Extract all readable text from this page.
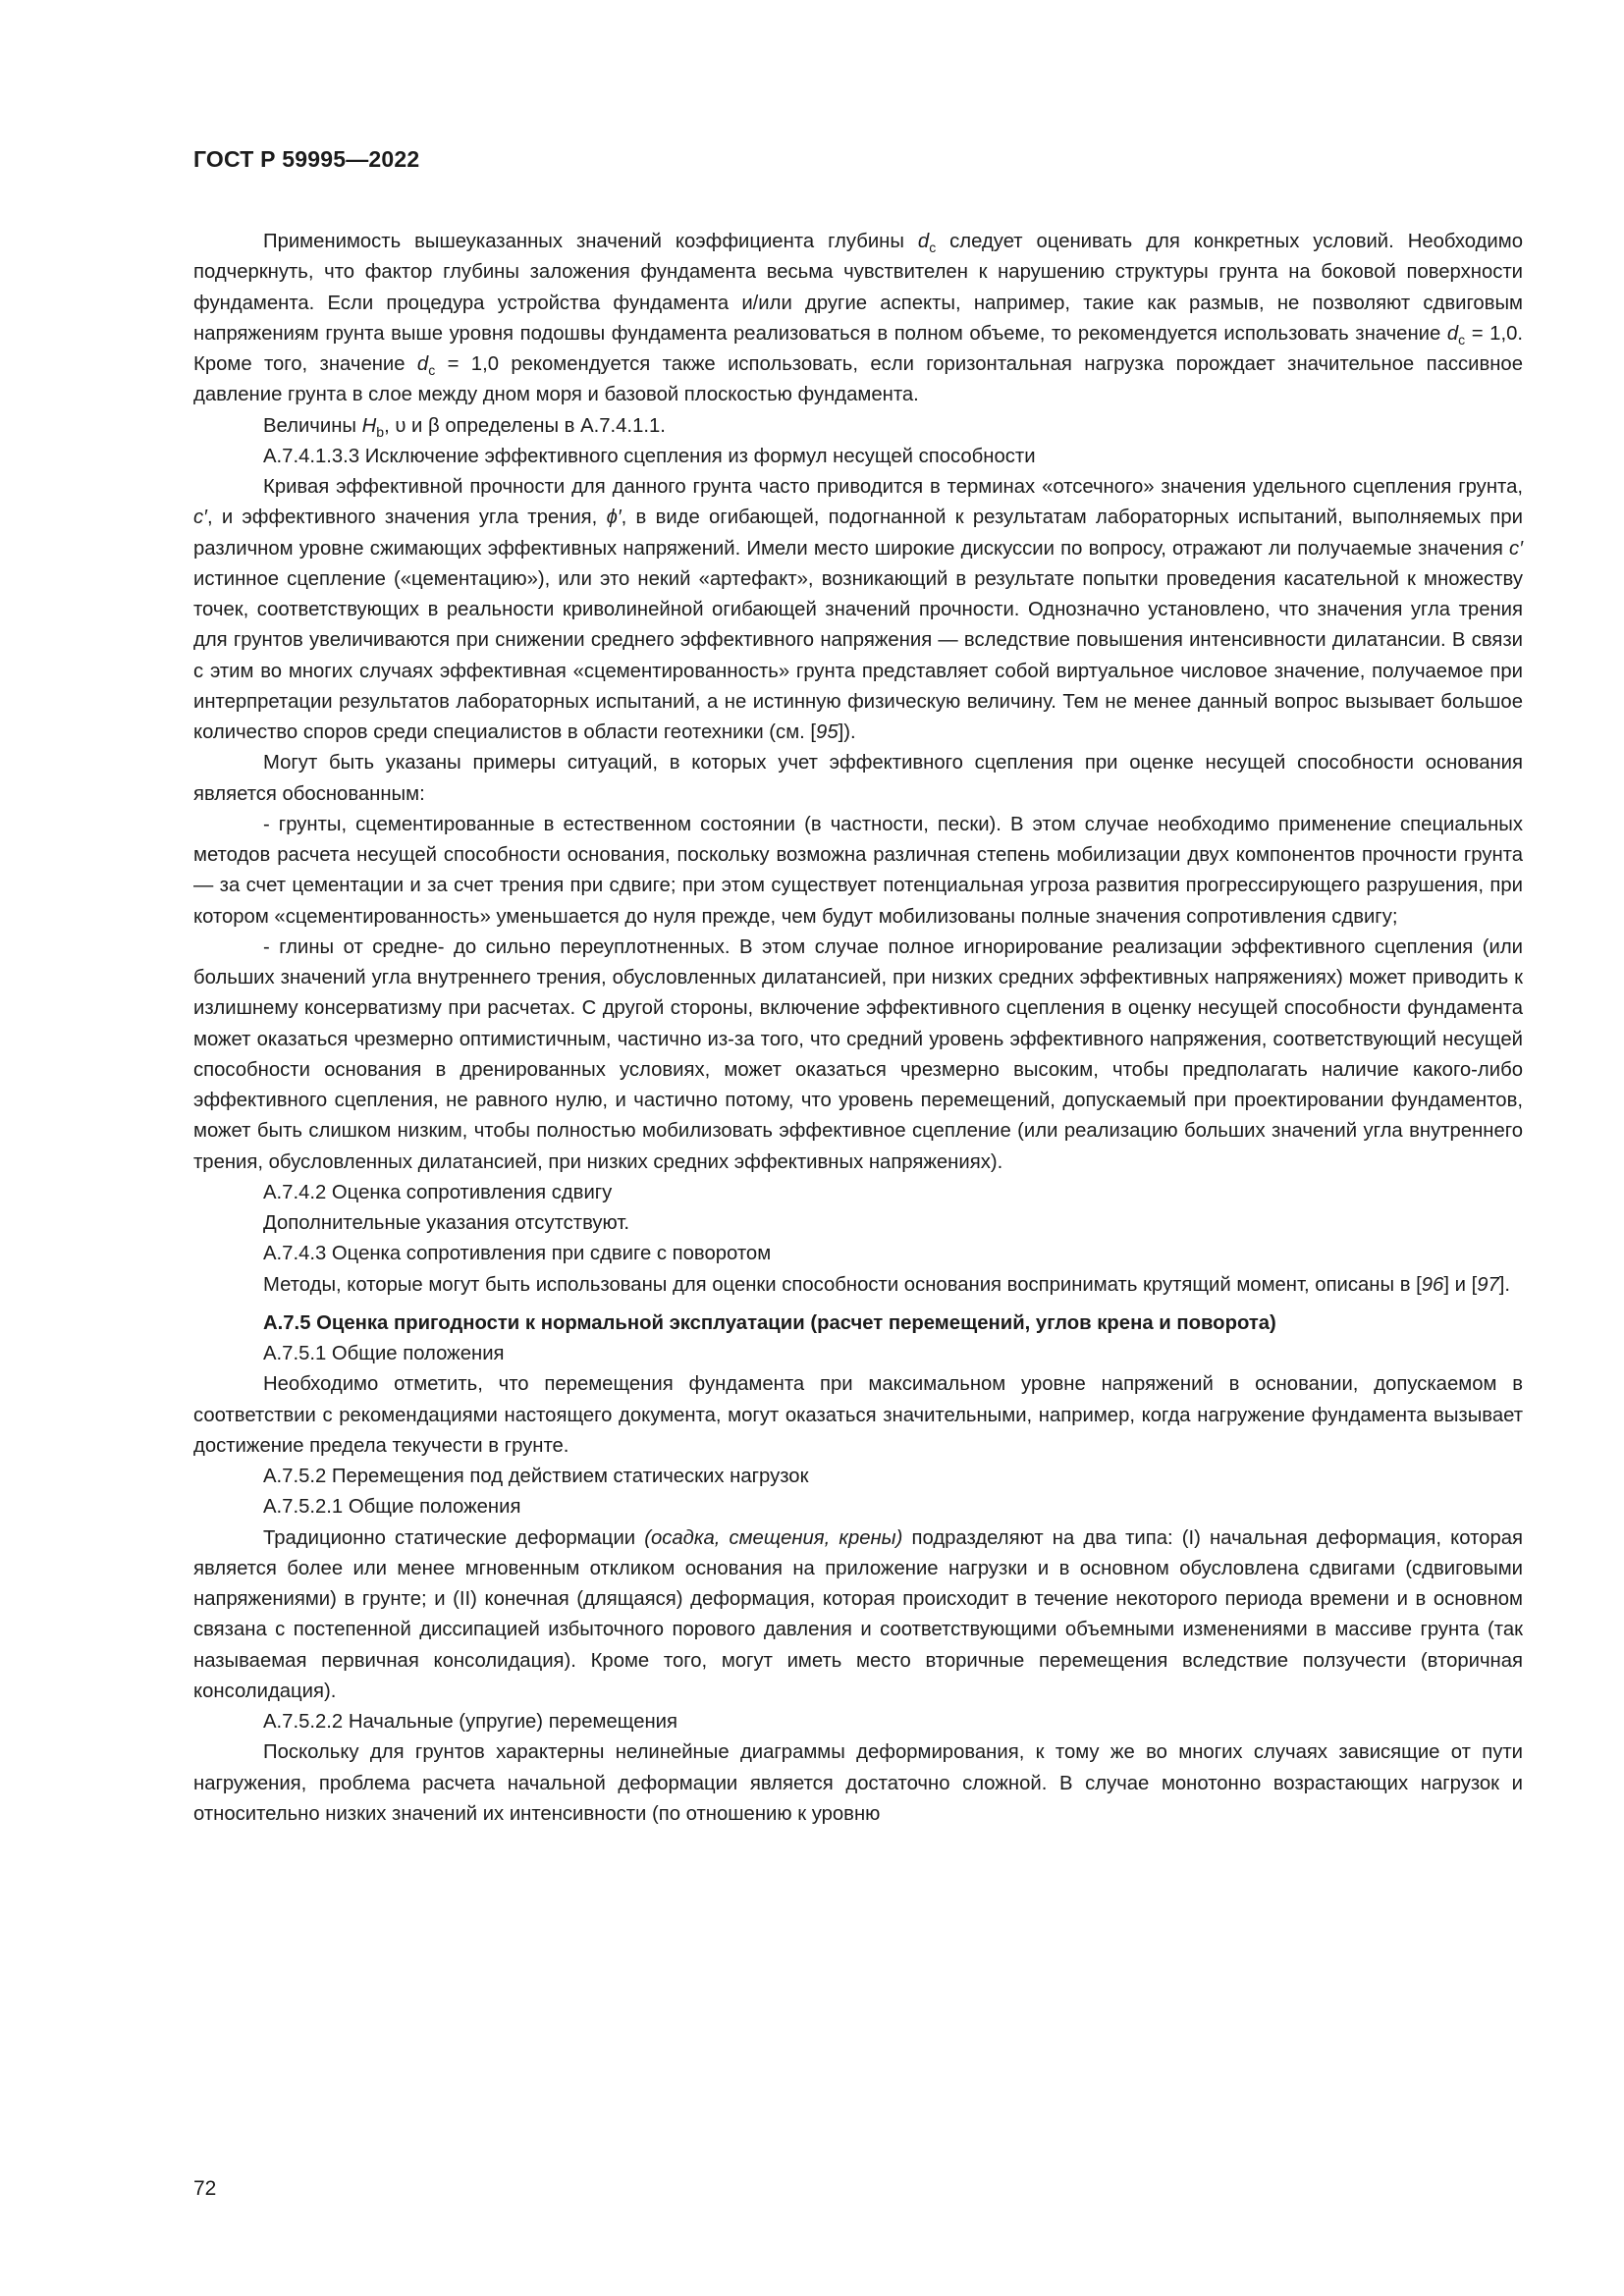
ГОСТ Р 59995—2022

Применимость вышеуказанных значений коэффициента глубины $d_c$ следует оценивать для конкретных условий. Необходимо подчеркнуть, что фактор глубины заложения фундамента весьма чувствителен к нарушению структуры грунта на боковой поверхности фундамента. Если процедура устройства фундамента и/или другие аспекты, например, такие как размыв, не позволяют сдвиговым напряжениям грунта выше уровня подошвы фундамента реализоваться в полном объеме, то рекомендуется использовать значение $d_c = 1,0$. Кроме того, значение $d_c = 1,0$ рекомендуется также использовать, если горизонтальная нагрузка порождает значительное пассивное давление грунта в слое между дном моря и базовой плоскостью фундамента.

Величины $H_b$, υ и β определены в А.7.4.1.1.

А.7.4.1.3.3 Исключение эффективного сцепления из формул несущей способности

Кривая эффективной прочности для данного грунта часто приводится в терминах «отсечного» значения удельного сцепления грунта, c′, и эффективного значения угла трения, ϕ′, в виде огибающей, подогнанной к результатам лабораторных испытаний, выполняемых при различном уровне сжимающих эффективных напряжений. Имели место широкие дискуссии по вопросу, отражают ли получаемые значения c′ истинное сцепление («цементацию»), или это некий «артефакт», возникающий в результате попытки проведения касательной к множеству точек, соответствующих в реальности криволинейной огибающей значений прочности. Однозначно установлено, что значения угла трения для грунтов увеличиваются при снижении среднего эффективного напряжения — вследствие повышения интенсивности дилатансии. В связи с этим во многих случаях эффективная «сцементированность» грунта представляет собой виртуальное числовое значение, получаемое при интерпретации результатов лабораторных испытаний, а не истинную физическую величину. Тем не менее данный вопрос вызывает большое количество споров среди специалистов в области геотехники (см. [95]).

Могут быть указаны примеры ситуаций, в которых учет эффективного сцепления при оценке несущей способности основания является обоснованным:

- грунты, сцементированные в естественном состоянии (в частности, пески). В этом случае необходимо применение специальных методов расчета несущей способности основания, поскольку возможна различная степень мобилизации двух компонентов прочности грунта — за счет цементации и за счет трения при сдвиге; при этом существует потенциальная угроза развития прогрессирующего разрушения, при котором «сцементированность» уменьшается до нуля прежде, чем будут мобилизованы полные значения сопротивления сдвигу;

- глины от средне- до сильно переуплотненных. В этом случае полное игнорирование реализации эффективного сцепления (или больших значений угла внутреннего трения, обусловленных дилатансией, при низких средних эффективных напряжениях) может приводить к излишнему консерватизму при расчетах. С другой стороны, включение эффективного сцепления в оценку несущей способности фундамента может оказаться чрезмерно оптимистичным, частично из-за того, что средний уровень эффективного напряжения, соответствующий несущей способности основания в дренированных условиях, может оказаться чрезмерно высоким, чтобы предполагать наличие какого-либо эффективного сцепления, не равного нулю, и частично потому, что уровень перемещений, допускаемый при проектировании фундаментов, может быть слишком низким, чтобы полностью мобилизовать эффективное сцепление (или реализацию больших значений угла внутреннего трения, обусловленных дилатансией, при низких средних эффективных напряжениях).

А.7.4.2 Оценка сопротивления сдвигу

Дополнительные указания отсутствуют.

А.7.4.3 Оценка сопротивления при сдвиге с поворотом

Методы, которые могут быть использованы для оценки способности основания воспринимать крутящий момент, описаны в [96] и [97].

А.7.5 Оценка пригодности к нормальной эксплуатации (расчет перемещений, углов крена и поворота)

А.7.5.1 Общие положения

Необходимо отметить, что перемещения фундамента при максимальном уровне напряжений в основании, допускаемом в соответствии с рекомендациями настоящего документа, могут оказаться значительными, например, когда нагружение фундамента вызывает достижение предела текучести в грунте.

А.7.5.2 Перемещения под действием статических нагрузок

А.7.5.2.1 Общие положения

Традиционно статические деформации (осадка, смещения, крены) подразделяют на два типа: (I) начальная деформация, которая является более или менее мгновенным откликом основания на приложение нагрузки и в основном обусловлена сдвигами (сдвиговыми напряжениями) в грунте; и (II) конечная (длящаяся) деформация, которая происходит в течение некоторого периода времени и в основном связана с постепенной диссипацией избыточного порового давления и соответствующими объемными изменениями в массиве грунта (так называемая первичная консолидация). Кроме того, могут иметь место вторичные перемещения вследствие ползучести (вторичная консолидация).

А.7.5.2.2 Начальные (упругие) перемещения

Поскольку для грунтов характерны нелинейные диаграммы деформирования, к тому же во многих случаях зависящие от пути нагружения, проблема расчета начальной деформации является достаточно сложной. В случае монотонно возрастающих нагрузок и относительно низких значений их интенсивности (по отношению к уровню

72
